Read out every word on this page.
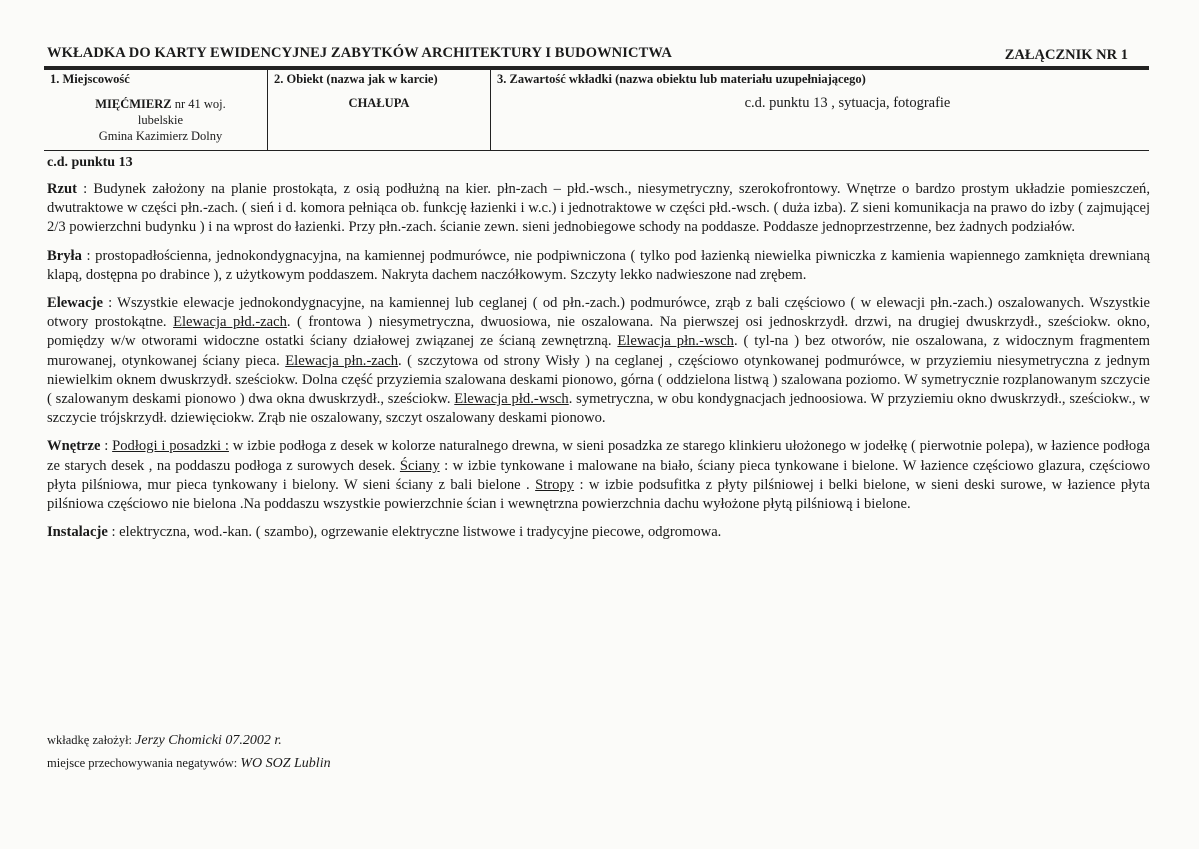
WKŁADKA DO KARTY EWIDENCYJNEJ ZABYTKÓW ARCHITEKTURY I BUDOWNICTWA	ZAŁĄCZNIK NR 1
1. Miejscowość
MIĘĆMIERZ nr 41 woj.
lubelskie
Gmina Kazimierz Dolny
2. Obiekt (nazwa jak w karcie)
CHAŁUPA
3. Zawartość wkładki (nazwa obiektu lub materiału uzupełniającego)
c.d. punktu 13 , sytuacja, fotografie
c.d. punktu 13

Rzut : Budynek założony na planie prostokąta, z osią podłużną na kier. płn-zach – płd.-wsch., niesymetryczny, szerokofrontowy. Wnętrze o bardzo prostym układzie pomieszczeń, dwutraktowe w części płn.-zach. ( sień i d. komora pełniąca ob. funkcję łazienki i w.c.) i jednotraktowe w części płd.-wsch. ( duża izba). Z sieni komunikacja na prawo do izby ( zajmującej 2/3 powierzchni budynku ) i na wprost do łazienki. Przy płn.-zach. ścianie zewn. sieni jednobiegowe schody na poddasze. Poddasze jednoprzestrzenne, bez żadnych podziałów.

Bryła : prostopadłościenna, jednokondygnacyjna, na kamiennej podmurówce, nie podpiwniczona ( tylko pod łazienką niewielka piwniczka z kamienia wapiennego zamknięta drewnianą klapą, dostępna po drabince ), z użytkowym poddaszem. Nakryta dachem naczółkowym. Szczyty lekko nadwieszone nad zrębem.

Elewacje : Wszystkie elewacje jednokondygnacyjne, na kamiennej lub ceglanej ( od płn.-zach.) podmurówce, zrąb z bali częściowo ( w elewacji płn.-zach.) oszalowanych. Wszystkie otwory prostokątne. Elewacja płd.-zach. ( frontowa ) niesymetryczna, dwuosiowa, nie oszalowana. Na pierwszej osi jednoskrzydł. drzwi, na drugiej dwuskrzydł., sześciokw. okno, pomiędzy w/w otworami widoczne ostatki ściany działowej związanej ze ścianą zewnętrzną. Elewacja płn.-wsch. ( tyl-na ) bez otworów, nie oszalowana, z widocznym fragmentem murowanej, otynkowanej ściany pieca. Elewacja płn.-zach. ( szczytowa od strony Wisły ) na ceglanej , częściowo otynkowanej podmurówce, w przyziemiu niesymetryczna z jednym niewielkim oknem dwuskrzydł. sześciokw. Dolna część przyziemia szalowana deskami pionowo, górna ( oddzielona listwą ) szalowana poziomo. W symetrycznie rozplanowanym szczycie ( szalowanym deskami pionowo ) dwa okna dwuskrzydł., sześciokw. Elewacja płd.-wsch. symetryczna, w obu kondygnacjach jednoosiowa. W przyziemiu okno dwuskrzydł., sześciokw., w szczycie trójskrzydł. dziewięciokw. Zrąb nie oszalowany, szczyt oszalowany deskami pionowo.

Wnętrze : Podłogi i posadzki : w izbie podłoga z desek w kolorze naturalnego drewna, w sieni posadzka ze starego klinkieru ułożonego w jodełkę ( pierwotnie polepa), w łazience podłoga ze starych desek , na poddaszu podłoga z surowych desek. Ściany : w izbie tynkowane i malowane na biało, ściany pieca tynkowane i bielone. W łazience częściowo glazura, częściowo płyta pilśniowa, mur pieca tynkowany i bielony. W sieni ściany z bali bielone . Stropy : w izbie podsufitka z płyty pilśniowej i belki bielone, w sieni deski surowe, w łazience płyta pilśniowa częściowo nie bielona .Na poddaszu wszystkie powierzchnie ścian i wewnętrzna powierzchnia dachu wyłożone płytą pilśniową i bielone.

Instalacje : elektryczna, wod.-kan. ( szambo), ogrzewanie elektryczne listwowe i tradycyjne piecowe, odgromowa.

wkładkę założył: Jerzy Chomicki 07.2002 r.
miejsce przechowywania negatywów: WO SOZ Lublin
